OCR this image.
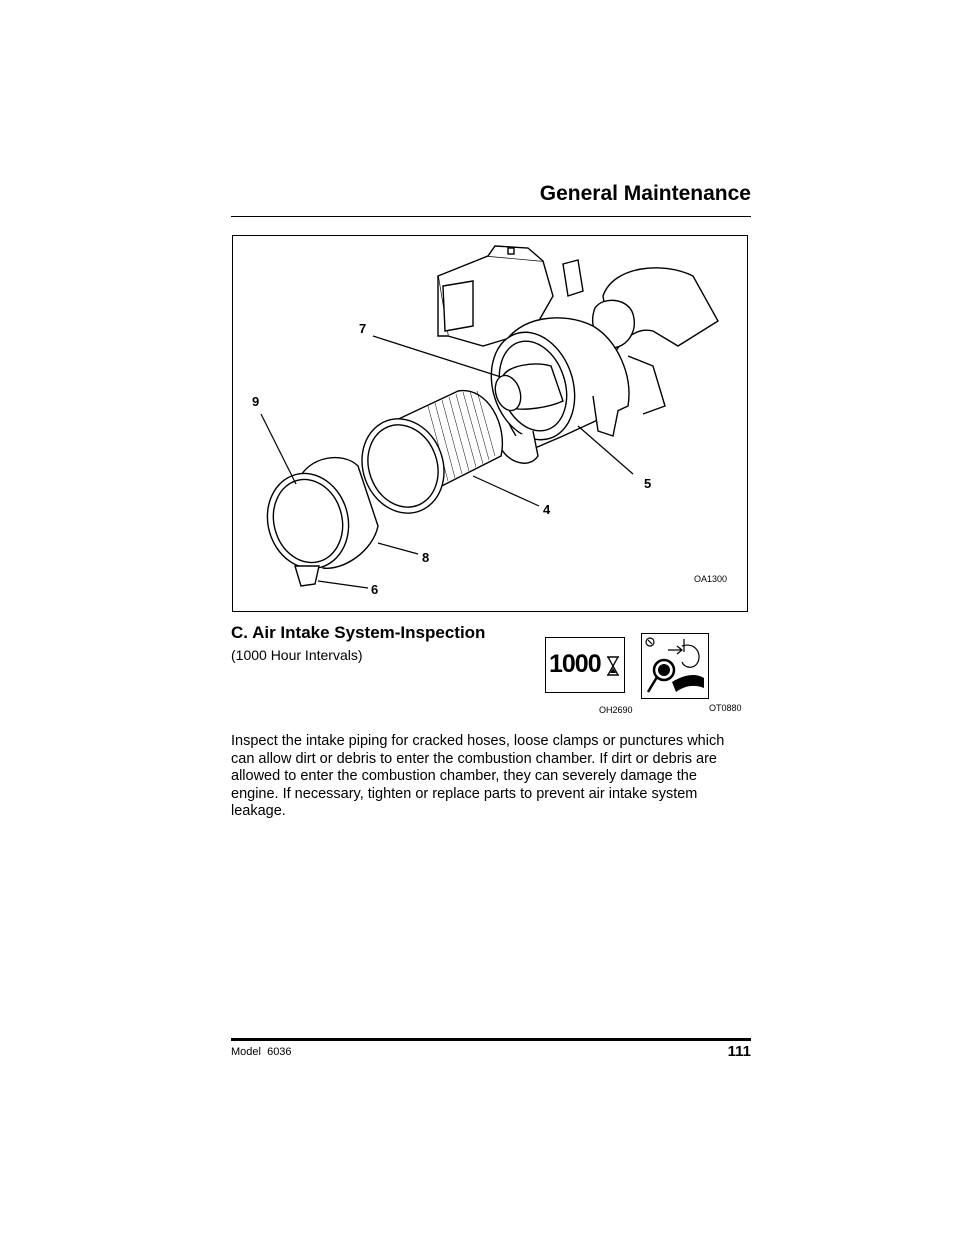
General Maintenance
7
9
5
4
8
6
OA1300
C. Air Intake System-Inspection
(1000 Hour Intervals)	1000
OH2690	OT0880
Inspect the intake piping for cracked hoses, loose clamps or punctures which can allow dirt or debris to enter the combustion chamber. If dirt or debris are allowed to enter the combustion chamber, they can severely damage the engine. If necessary, tighten or replace parts to prevent air intake system leakage.
Model  6036	111
